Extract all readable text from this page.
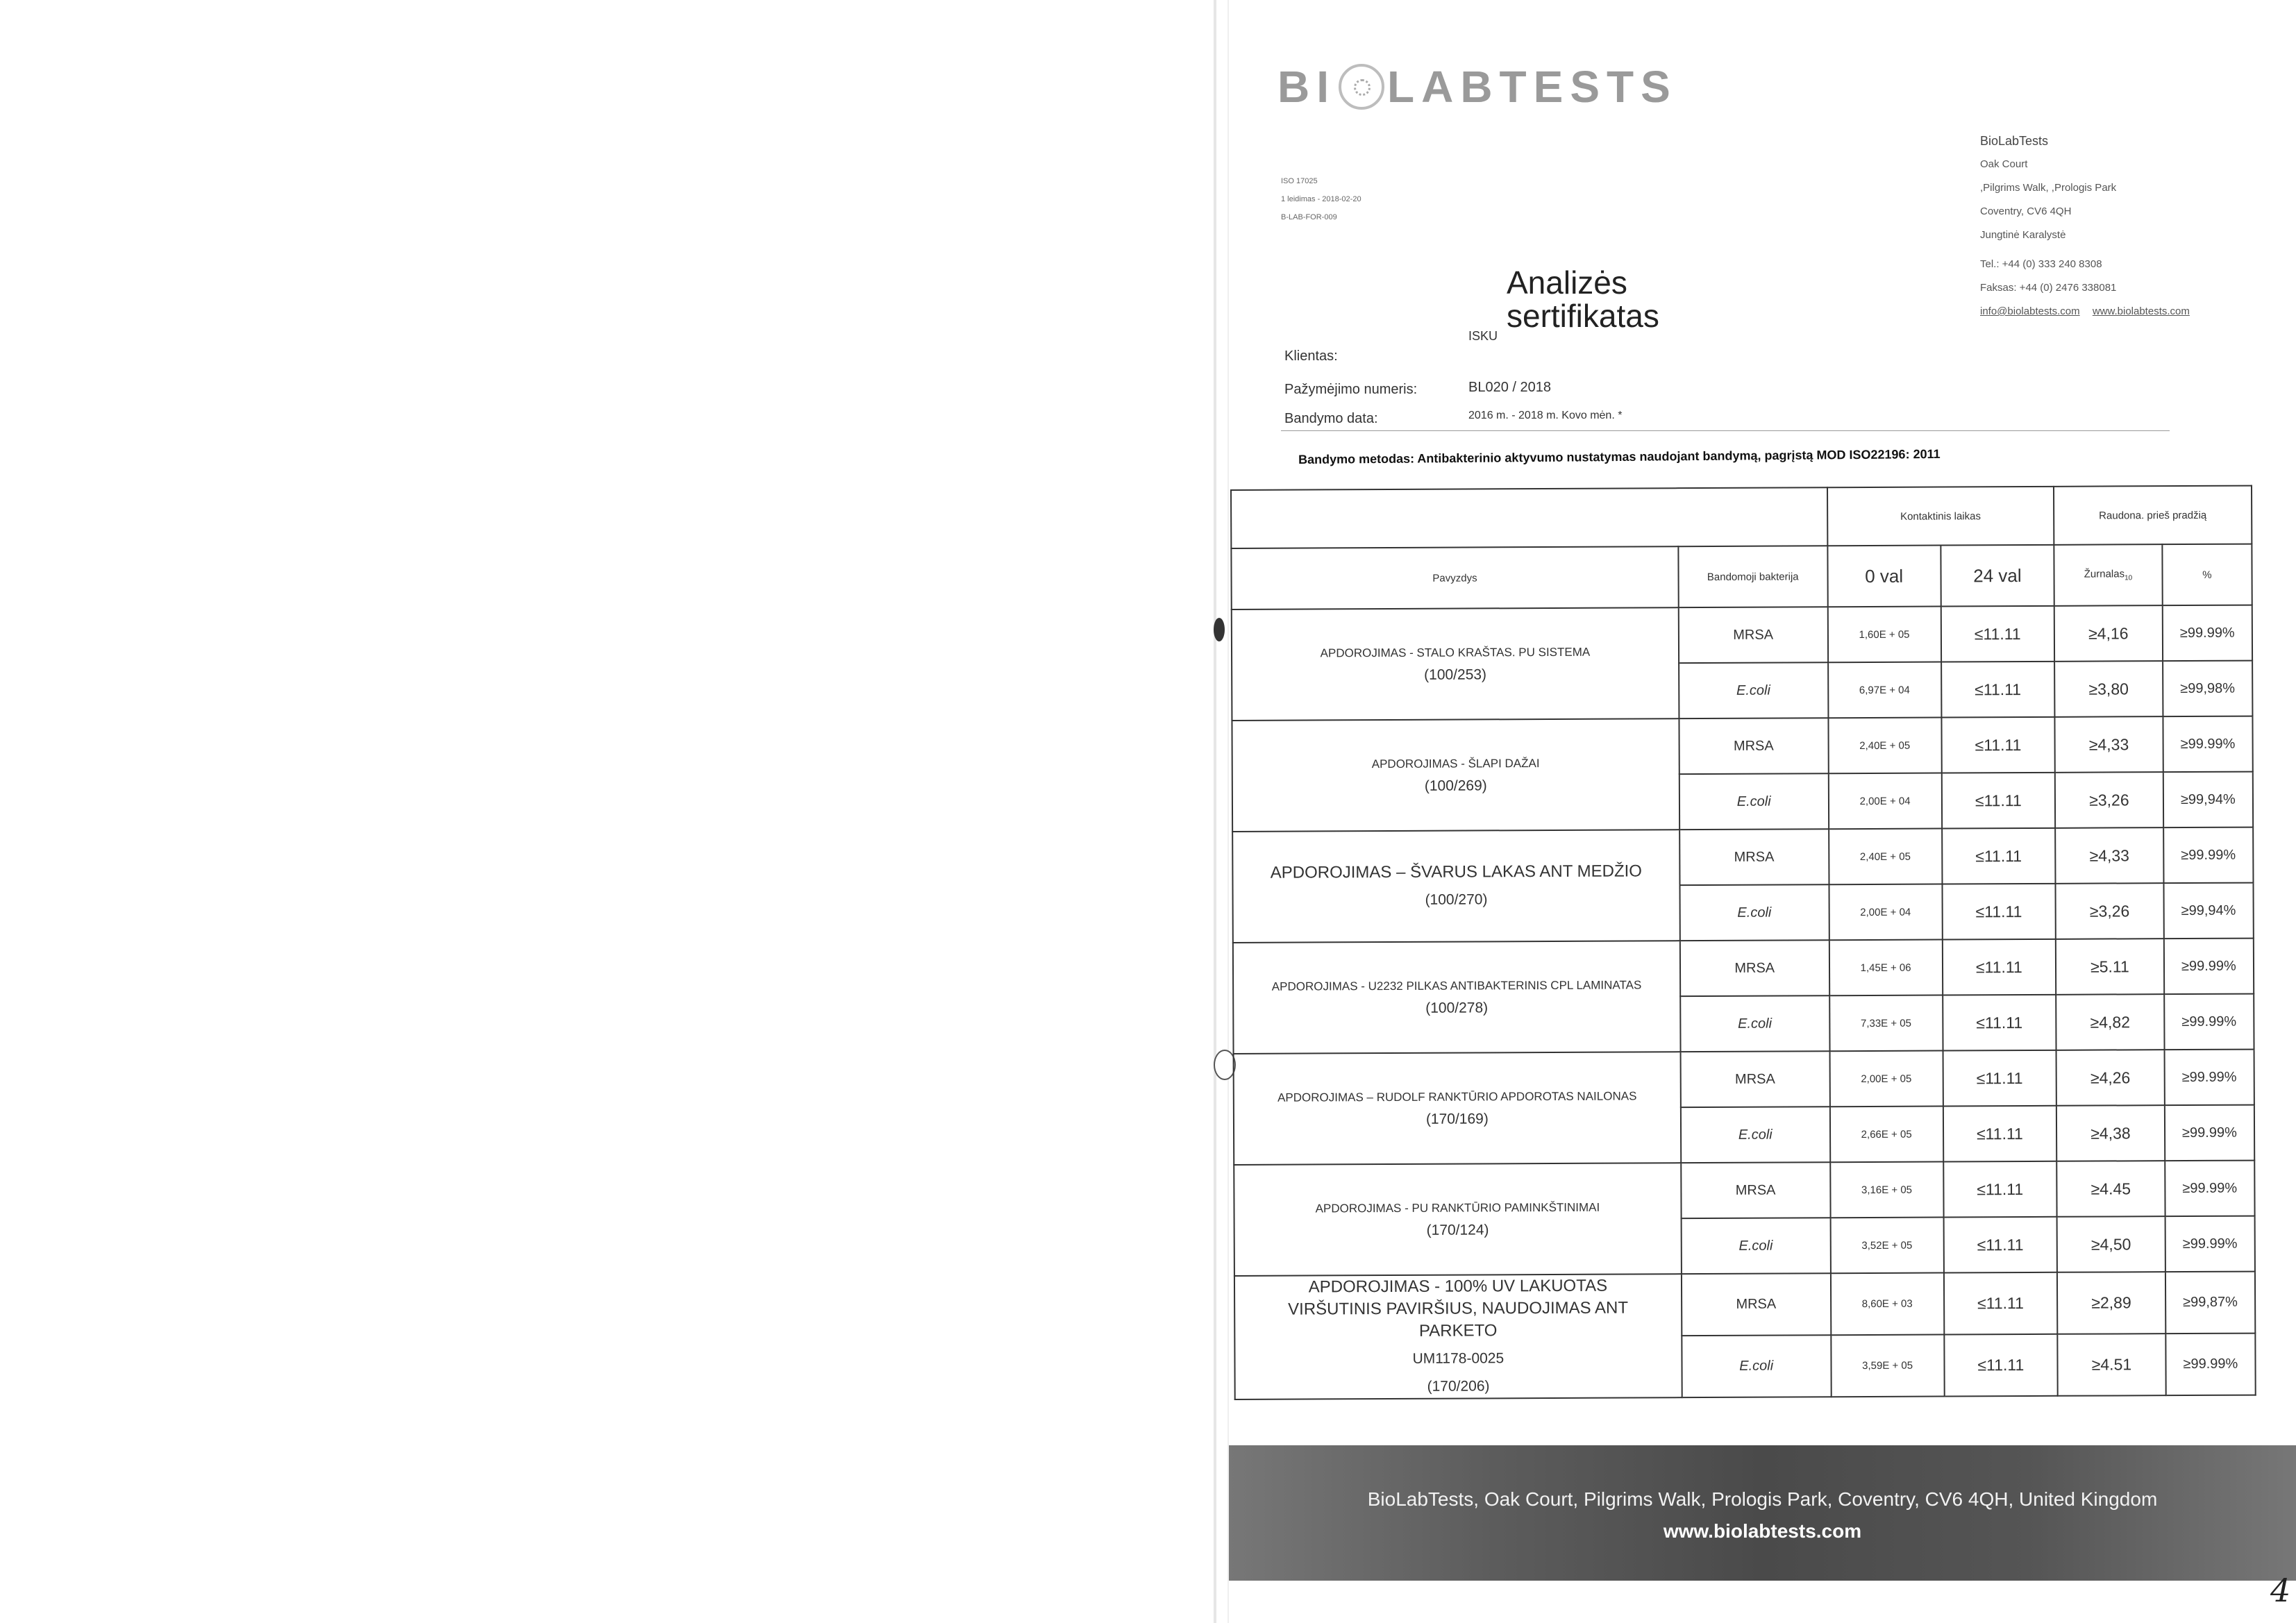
BI LABTESTS
ISO 17025
1 leidimas - 2018-02-20
B-LAB-FOR-009
BioLabTests
Oak Court
,Pilgrims Walk, ,Prologis Park
Coventry, CV6 4QH
Jungtinė Karalystė
Tel.: +44 (0) 333 240 8308
Faksas: +44 (0) 2476 338081
info@biolabtests.com www.biolabtests.com
Analizės
sertifikatas
ISKU
Klientas:
Pažymėjimo numeris:	BL020 / 2018
Bandymo data:	2016 m. - 2018 m. Kovo mėn. *
Bandymo metodas: Antibakterinio aktyvumo nustatymas naudojant bandymą, pagrįstą MOD ISO22196: 2011
		Kontaktinis laikas		Raudona. prieš pradžią	
Pavyzdys	Bandomoji bakterija	0 val	24 val	Žurnalas$_{10}$	%

APDOROJIMAS - STALO KRAŠTAS. PU SISTEMA
(100/253)	MRSA	1,60E + 05	≤11.11	≥4,16	≥99.99%
	E.coli	6,97E + 04	≤11.11	≥3,80	≥99,98%

APDOROJIMAS - ŠLAPI DAŽAI
(100/269)	MRSA	2,40E + 05	≤11.11	≥4,33	≥99.99%
	E.coli	2,00E + 04	≤11.11	≥3,26	≥99,94%

APDOROJIMAS – ŠVARUS LAKAS ANT MEDŽIO
(100/270)	MRSA	2,40E + 05	≤11.11	≥4,33	≥99.99%
	E.coli	2,00E + 04	≤11.11	≥3,26	≥99,94%

APDOROJIMAS - U2232 PILKAS ANTIBAKTERINIS CPL LAMINATAS
(100/278)	MRSA	1,45E + 06	≤11.11	≥5.11	≥99.99%
	E.coli	7,33E + 05	≤11.11	≥4,82	≥99.99%

APDOROJIMAS – RUDOLF RANKTŪRIO APDOROTAS NAILONAS
(170/169)	MRSA	2,00E + 05	≤11.11	≥4,26	≥99.99%
	E.coli	2,66E + 05	≤11.11	≥4,38	≥99.99%

APDOROJIMAS - PU RANKTŪRIO PAMINKŠTINIMAI
(170/124)	MRSA	3,16E + 05	≤11.11	≥4.45	≥99.99%
	E.coli	3,52E + 05	≤11.11	≥4,50	≥99.99%

APDOROJIMAS - 100% UV LAKUOTAS VIRŠUTINIS PAVIRŠIUS, NAUDOJIMAS ANT PARKETO
UM1178-0025
(170/206)	MRSA	8,60E + 03	≤11.11	≥2,89	≥99,87%
	E.coli	3,59E + 05	≤11.11	≥4.51	≥99.99%
BioLabTests, Oak Court, Pilgrims Walk, Prologis Park, Coventry, CV6 4QH, United Kingdom
www.biolabtests.com
4
